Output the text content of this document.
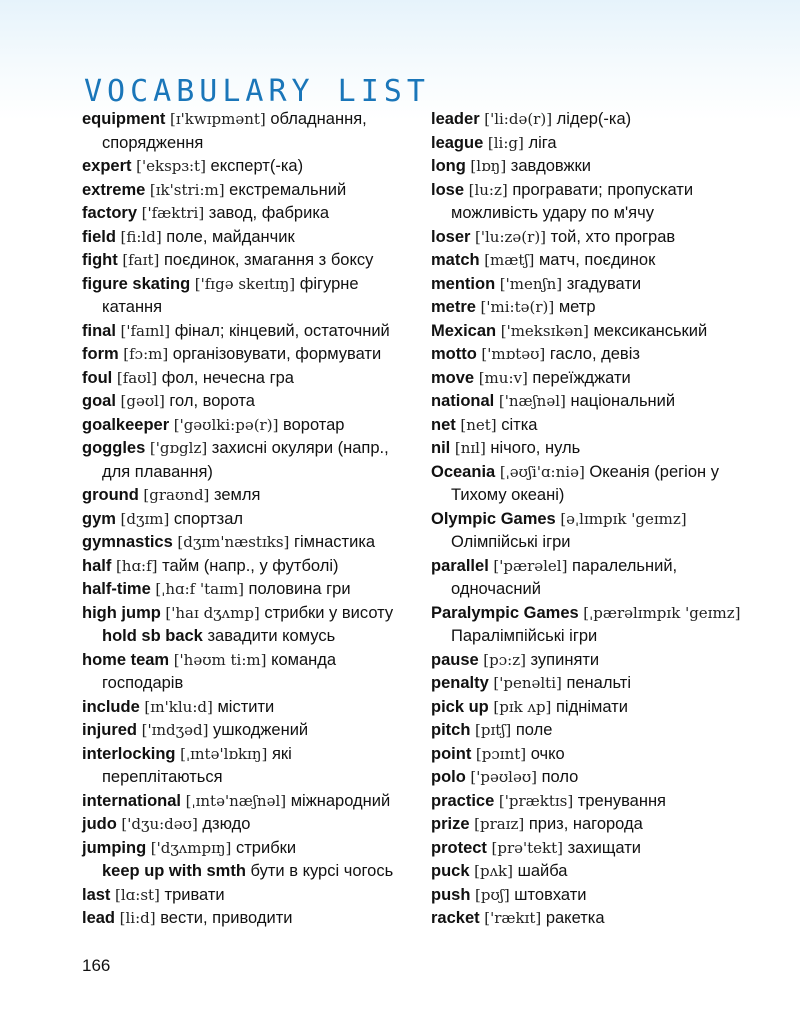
VOCABULARY LIST
equipment [ɪ'kwɪpmənt] обладнання, спорядження
expert ['ekspɜ:t] експерт(-ка)
extreme [ɪk'stri:m] екстремальний
factory ['fæktri] завод, фабрика
field [fi:ld] поле, майданчик
fight [faɪt] поєдинок, змагання з боксу
figure skating ['fɪgə skeɪtɪŋ] фігурне катання
final ['faɪnl] фінал; кінцевий, остаточний
form [fɔ:m] організовувати, формувати
foul [faʊl] фол, нечесна гра
goal [gəʊl] гол, ворота
goalkeeper ['gəʊlki:pə(r)] воротар
goggles ['gɒglz] захисні окуляри (напр., для плавання)
ground [graʊnd] земля
gym [dʒɪm] спортзал
gymnastics [dʒɪm'næstɪks] гімнастика
half [hɑ:f] тайм (напр., у футболі)
half-time [ˌhɑ:f 'taɪm] половина гри
high jump ['haɪ dʒʌmp] стрибки у висоту
hold sb back завадити комусь
home team ['həʊm ti:m] команда господарів
include [ɪn'klu:d] містити
injured ['ɪndʒəd] ушкоджений
interlocking [ˌɪntə'lɒkɪŋ] які переплітаються
international [ˌɪntə'næʃnəl] міжнародний
judo ['dʒu:dəʊ] дзюдо
jumping ['dʒʌmpɪŋ] стрибки
keep up with smth бути в курсі чогось
last [lɑ:st] тривати
lead [li:d] вести, приводити
leader ['li:də(r)] лідер(-ка)
league [li:g] ліга
long [lɒŋ] завдовжки
lose [lu:z] програвати; пропускати можливість удару по м'ячу
loser ['lu:zə(r)] той, хто програв
match [mætʃ] матч, поєдинок
mention ['menʃn] згадувати
metre ['mi:tə(r)] метр
Mexican ['meksɪkən] мексиканський
motto ['mɒtəʊ] гасло, девіз
move [mu:v] переїжджати
national ['næʃnəl] національний
net [net] сітка
nil [nɪl] нічого, нуль
Oceania [ˌəʊʃi'ɑ:niə] Океанія (регіон у Тихому океані)
Olympic Games [əˌlɪmpɪk 'geɪmz] Олімпійські ігри
parallel ['pærəlel] паралельний, одночасний
Paralympic Games [ˌpærəlɪmpɪk 'geɪmz] Паралімпійські ігри
pause [pɔ:z] зупиняти
penalty ['penəlti] пенальті
pick up [pɪk ʌp] піднімати
pitch [pɪtʃ] поле
point [pɔɪnt] очко
polo ['pəʊləʊ] поло
practice ['præktɪs] тренування
prize [praɪz] приз, нагорода
protect [prə'tekt] захищати
puck [pʌk] шайба
push [pʊʃ] штовхати
racket ['rækɪt] ракетка
166
